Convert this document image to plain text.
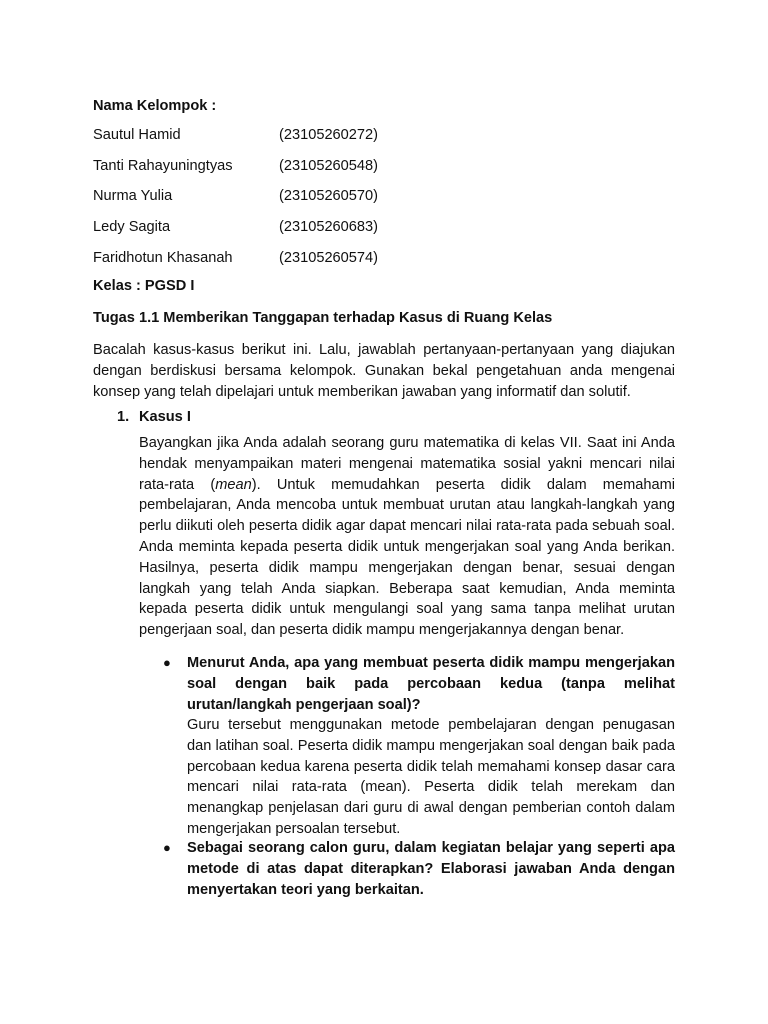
Nama Kelompok :
Sautul Hamid	(23105260272)
Tanti Rahayuningtyas	(23105260548)
Nurma Yulia	(23105260570)
Ledy Sagita	(23105260683)
Faridhotun Khasanah	(23105260574)
Kelas : PGSD I
Tugas 1.1 Memberikan Tanggapan terhadap Kasus di Ruang Kelas
Bacalah kasus-kasus berikut ini. Lalu, jawablah pertanyaan-pertanyaan yang diajukan dengan berdiskusi bersama kelompok. Gunakan bekal pengetahuan anda mengenai konsep yang telah dipelajari untuk memberikan jawaban yang informatif dan solutif.
1. Kasus I
Bayangkan jika Anda adalah seorang guru matematika di kelas VII. Saat ini Anda hendak menyampaikan materi mengenai matematika sosial yakni mencari nilai rata-rata (mean). Untuk memudahkan peserta didik dalam memahami pembelajaran, Anda mencoba untuk membuat urutan atau langkah-langkah yang perlu diikuti oleh peserta didik agar dapat mencari nilai rata-rata pada sebuah soal. Anda meminta kepada peserta didik untuk mengerjakan soal yang Anda berikan. Hasilnya, peserta didik mampu mengerjakan dengan benar, sesuai dengan langkah yang telah Anda siapkan. Beberapa saat kemudian, Anda meminta kepada peserta didik untuk mengulangi soal yang sama tanpa melihat urutan pengerjaan soal, dan peserta didik mampu mengerjakannya dengan benar.
● Menurut Anda, apa yang membuat peserta didik mampu mengerjakan soal dengan baik pada percobaan kedua (tanpa melihat urutan/langkah pengerjaan soal)?
Guru tersebut menggunakan metode pembelajaran dengan penugasan dan latihan soal. Peserta didik mampu mengerjakan soal dengan baik pada percobaan kedua karena peserta didik telah memahami konsep dasar cara mencari nilai rata-rata (mean). Peserta didik telah merekam dan menangkap penjelasan dari guru di awal dengan pemberian contoh dalam mengerjakan persoalan tersebut.
● Sebagai seorang calon guru, dalam kegiatan belajar yang seperti apa metode di atas dapat diterapkan? Elaborasi jawaban Anda dengan menyertakan teori yang berkaitan.
